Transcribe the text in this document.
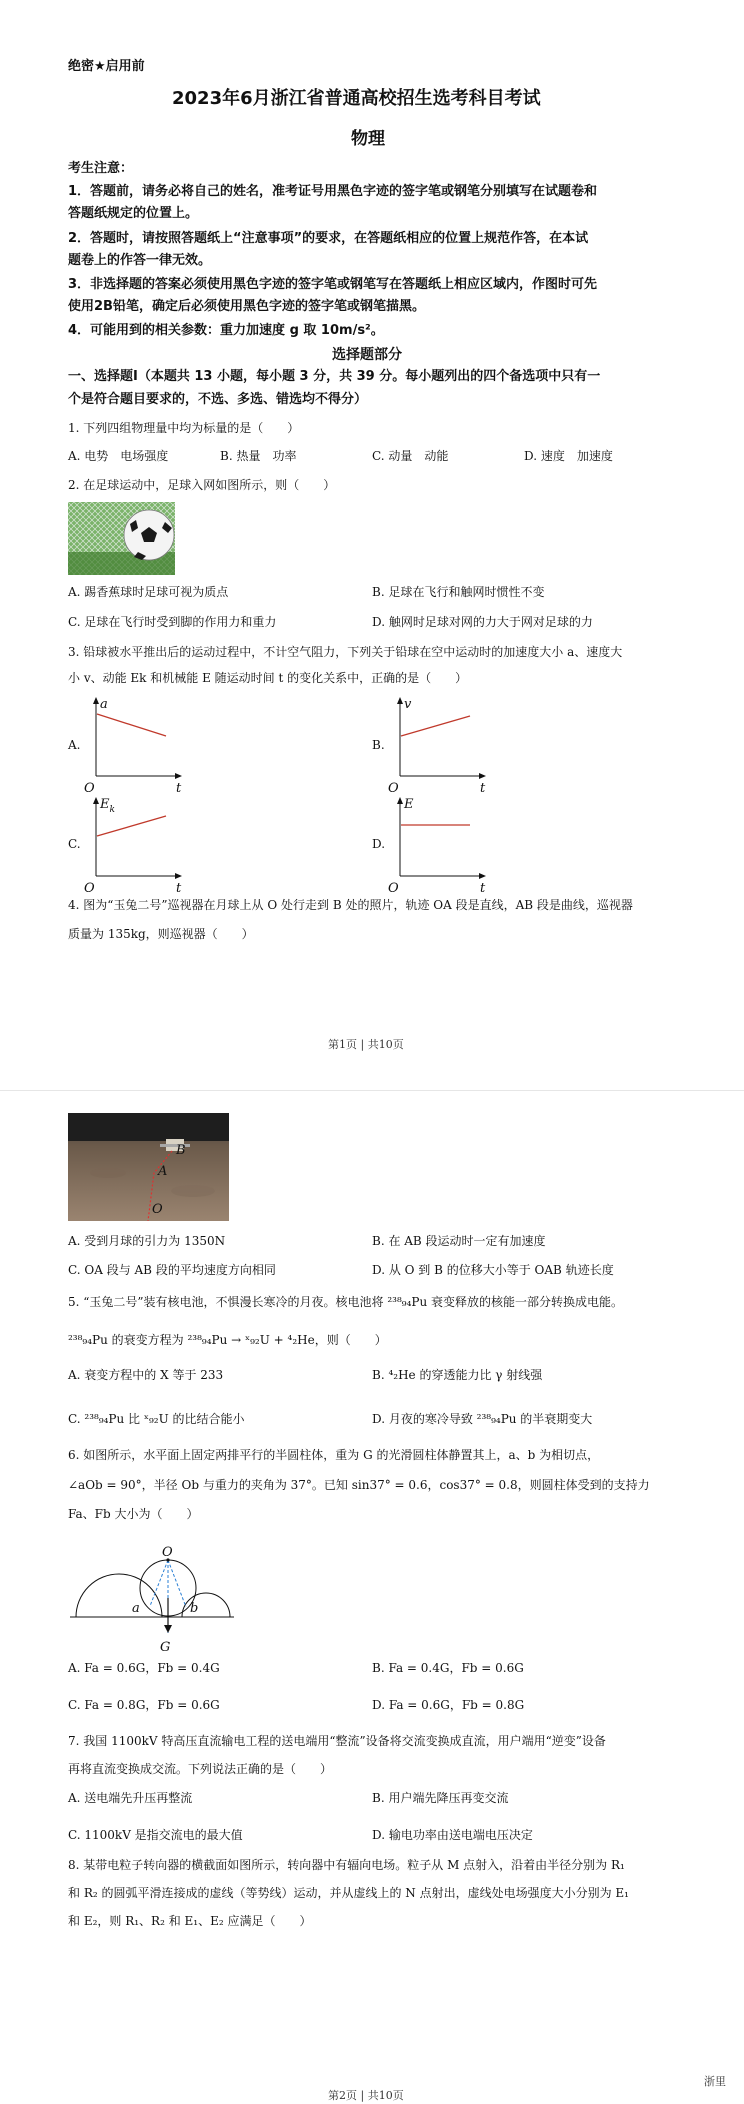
绝密★启用前
2023年6月浙江省普通高校招生选考科目考试
物理
考生注意：
1．答题前，请务必将自己的姓名，准考证号用黑色字迹的签字笔或钢笔分别填写在试题卷和
答题纸规定的位置上。
2．答题时，请按照答题纸上“注意事项”的要求，在答题纸相应的位置上规范作答，在本试
题卷上的作答一律无效。
3．非选择题的答案必须使用黑色字迹的签字笔或钢笔写在答题纸上相应区域内，作图时可先
使用2B铅笔，确定后必须使用黑色字迹的签字笔或钢笔描黑。
4．可能用到的相关参数：重力加速度 g 取 10m/s²。
选择题部分
一、选择题Ⅰ（本题共 13 小题，每小题 3 分，共 39 分。每小题列出的四个备选项中只有一
个是符合题目要求的，不选、多选、错选均不得分）
1. 下列四组物理量中均为标量的是（　　）
A. 电势　电场强度	B. 热量　功率	C. 动量　动能	D. 速度　加速度
2. 在足球运动中，足球入网如图所示，则（　　）
A. 踢香蕉球时足球可视为质点	B. 足球在飞行和触网时惯性不变
C. 足球在飞行时受到脚的作用力和重力	D. 触网时足球对网的力大于网对足球的力
3. 铅球被水平推出后的运动过程中，不计空气阻力，下列关于铅球在空中运动时的加速度大小 a、速度大
小 v、动能 Ek 和机械能 E 随运动时间 t 的变化关系中，正确的是（　　）
A.
a
t
O
B.
v
t
O
C.
$E_k$
t
O
D.
E
t
O
4. 图为“玉兔二号”巡视器在月球上从 O 处行走到 B 处的照片，轨迹 OA 段是直线，AB 段是曲线，巡视器
质量为 135kg，则巡视器（　　）
第1页 | 共10页
B
A
O
A. 受到月球的引力为 1350N	B. 在 AB 段运动时一定有加速度
C. OA 段与 AB 段的平均速度方向相同	D. 从 O 到 B 的位移大小等于 OAB 轨迹长度
5. “玉兔二号”装有核电池，不惧漫长寒冷的月夜。核电池将 ²³⁸₉₄Pu 衰变释放的核能一部分转换成电能。
²³⁸₉₄Pu 的衰变方程为 ²³⁸₉₄Pu → ˣ₉₂U + ⁴₂He，则（　　）
A. 衰变方程中的 X 等于 233	B. ⁴₂He 的穿透能力比 γ 射线强
C. ²³⁸₉₄Pu 比 ˣ₉₂U 的比结合能小	D. 月夜的寒冷导致 ²³⁸₉₄Pu 的半衰期变大
6. 如图所示，水平面上固定两排平行的半圆柱体，重为 G 的光滑圆柱体静置其上，a、b 为相切点，
∠aOb = 90°，半径 Ob 与重力的夹角为 37°。已知 sin37° = 0.6，cos37° = 0.8，则圆柱体受到的支持力
Fa、Fb 大小为（　　）
O
a	b
G
A. Fa = 0.6G，Fb = 0.4G	B. Fa = 0.4G，Fb = 0.6G
C. Fa = 0.8G，Fb = 0.6G	D. Fa = 0.6G，Fb = 0.8G
7. 我国 1100kV 特高压直流输电工程的送电端用“整流”设备将交流变换成直流，用户端用“逆变”设备
再将直流变换成交流。下列说法正确的是（　　）
A. 送电端先升压再整流	B. 用户端先降压再变交流
C. 1100kV 是指交流电的最大值	D. 输电功率由送电端电压决定
8. 某带电粒子转向器的横截面如图所示，转向器中有辐向电场。粒子从 M 点射入，沿着由半径分别为 R₁
和 R₂ 的圆弧平滑连接成的虚线（等势线）运动，并从虚线上的 N 点射出，虚线处电场强度大小分别为 E₁
和 E₂，则 R₁、R₂ 和 E₁、E₂ 应满足（　　）
浙里
第2页 | 共10页
